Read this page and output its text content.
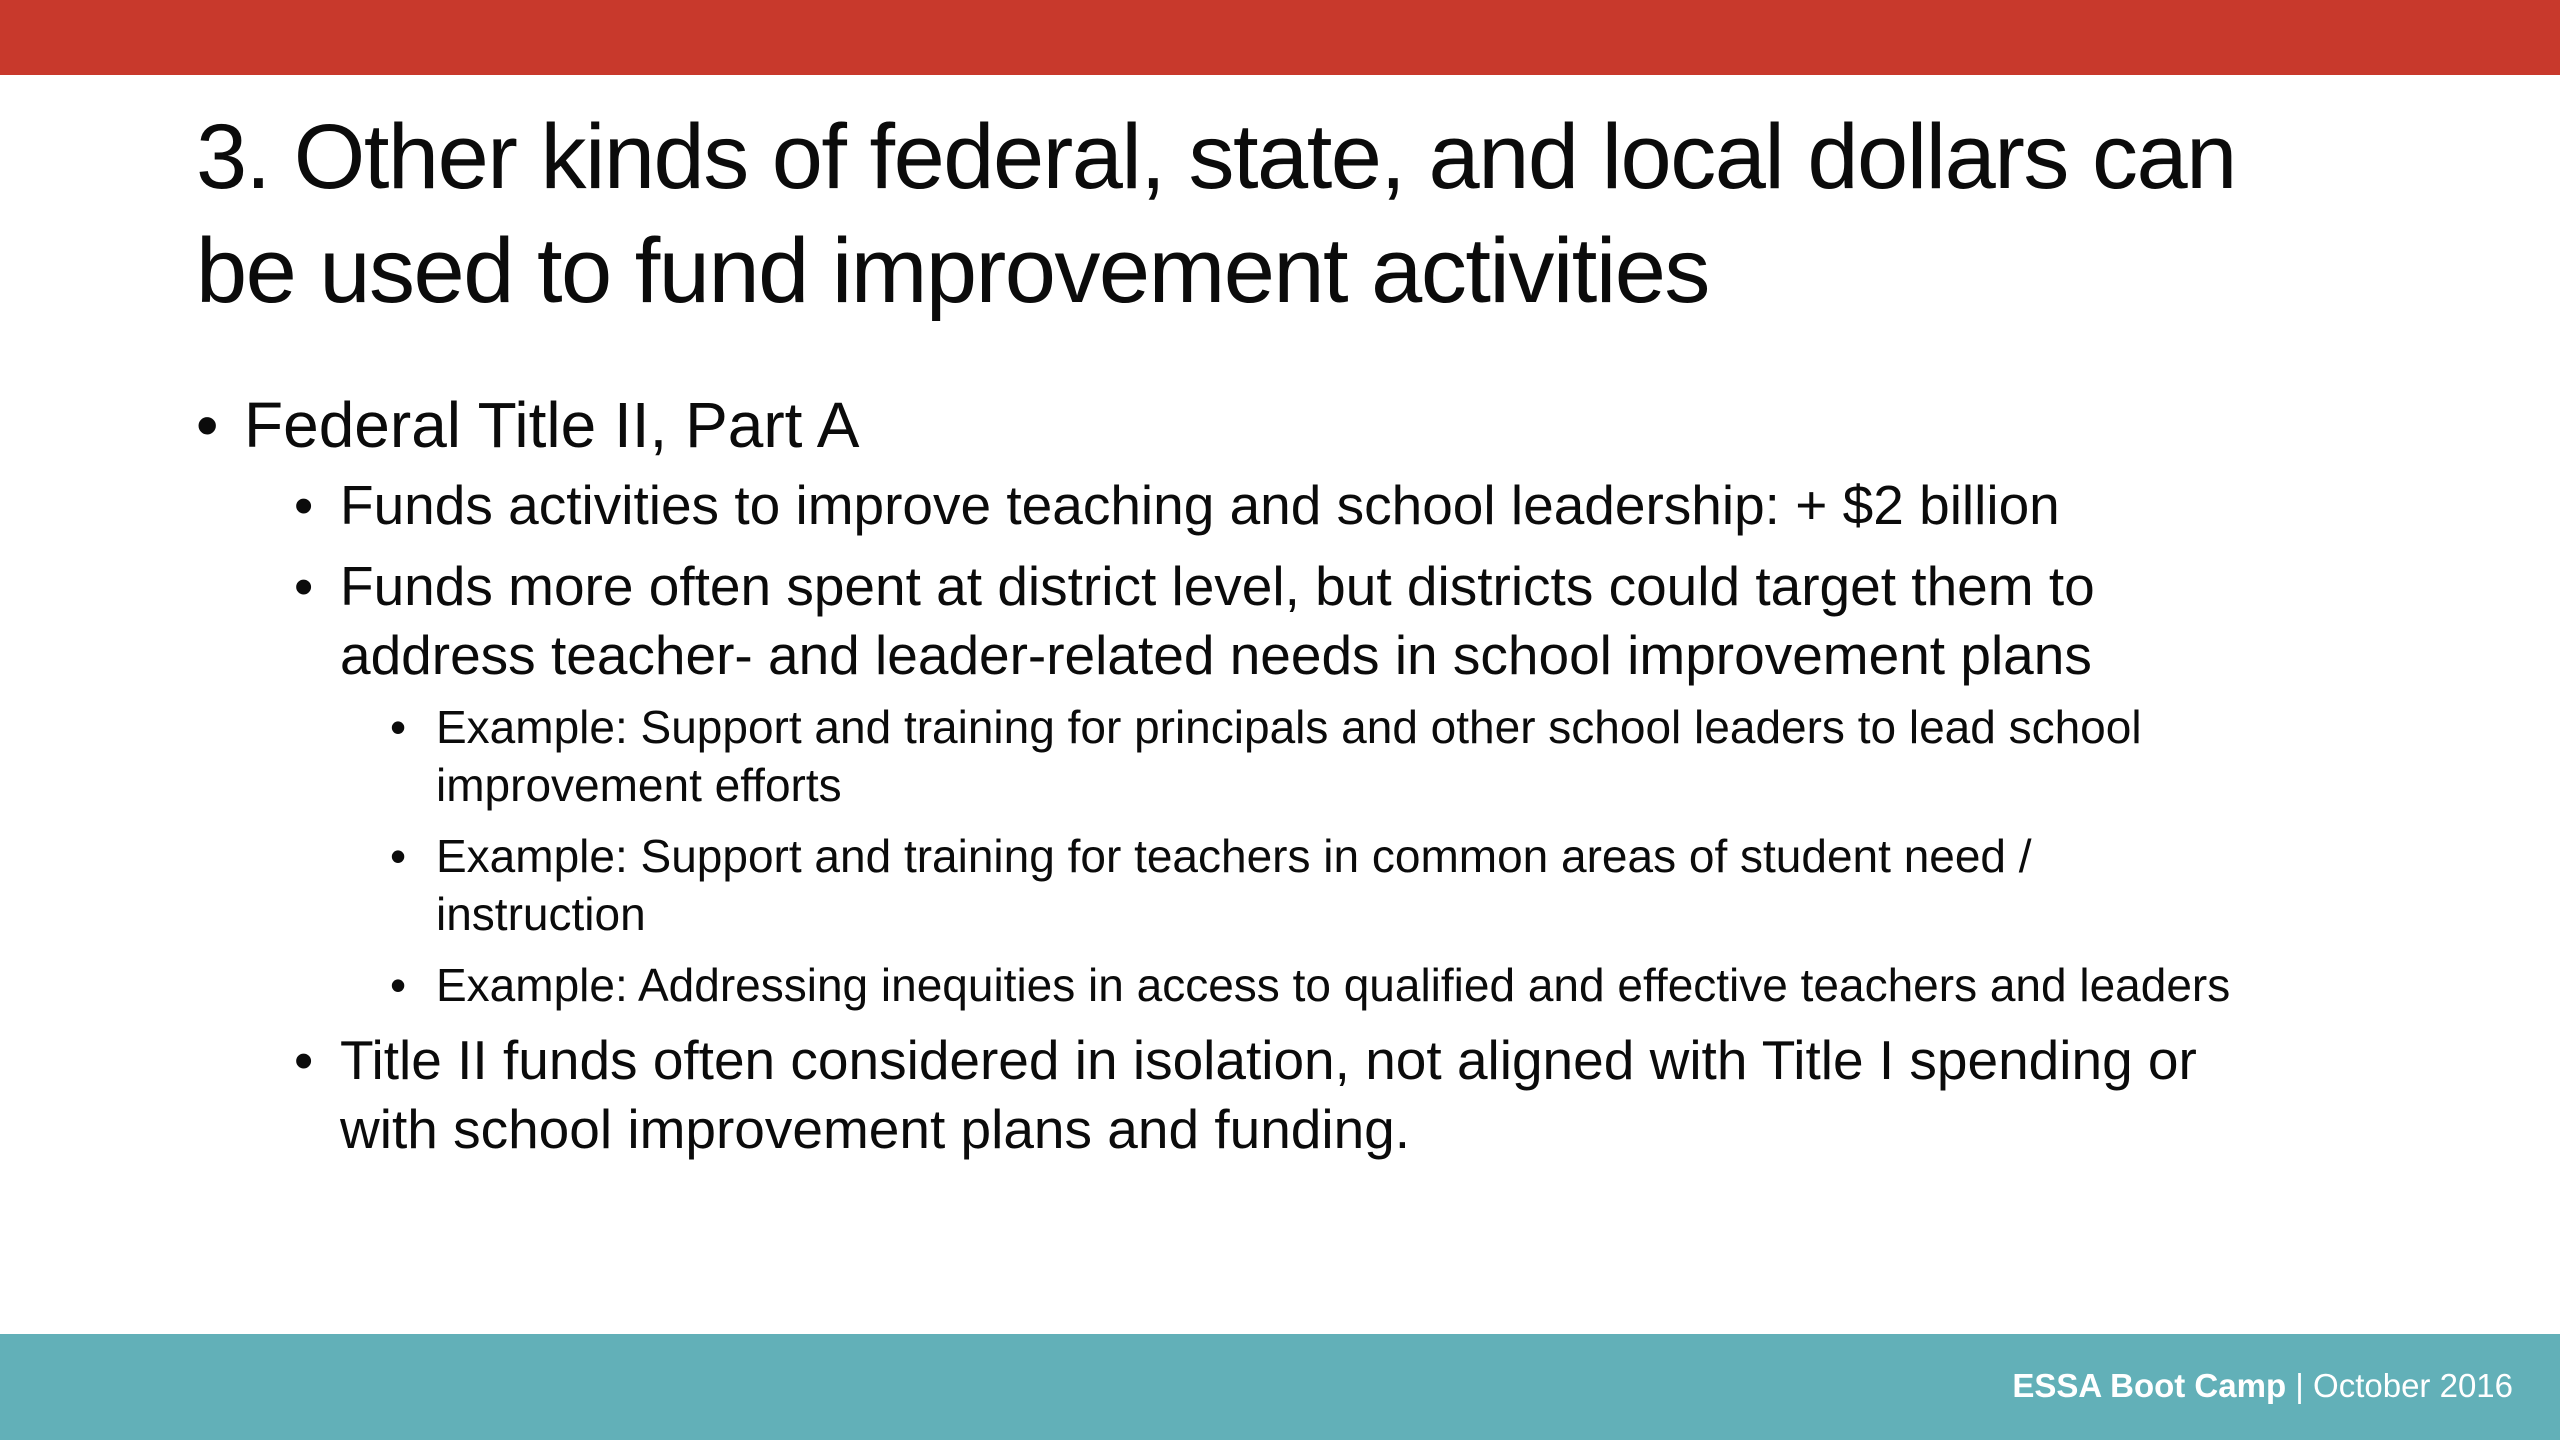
3. Other kinds of federal, state, and local dollars can
be used to fund improvement activities
• Federal Title II, Part A
• Funds activities to improve teaching and school leadership: + $2 billion
• Funds more often spent at district level, but districts could target them to
address teacher- and leader-related needs in school improvement plans
• Example: Support and training for principals and other school leaders to lead school
improvement efforts
• Example: Support and training for teachers in common areas of student need /
instruction
• Example: Addressing inequities in access to qualified and effective teachers and leaders
• Title II funds often considered in isolation, not aligned with Title I spending or
with school improvement plans and funding.
ESSA Boot Camp | October 2016
